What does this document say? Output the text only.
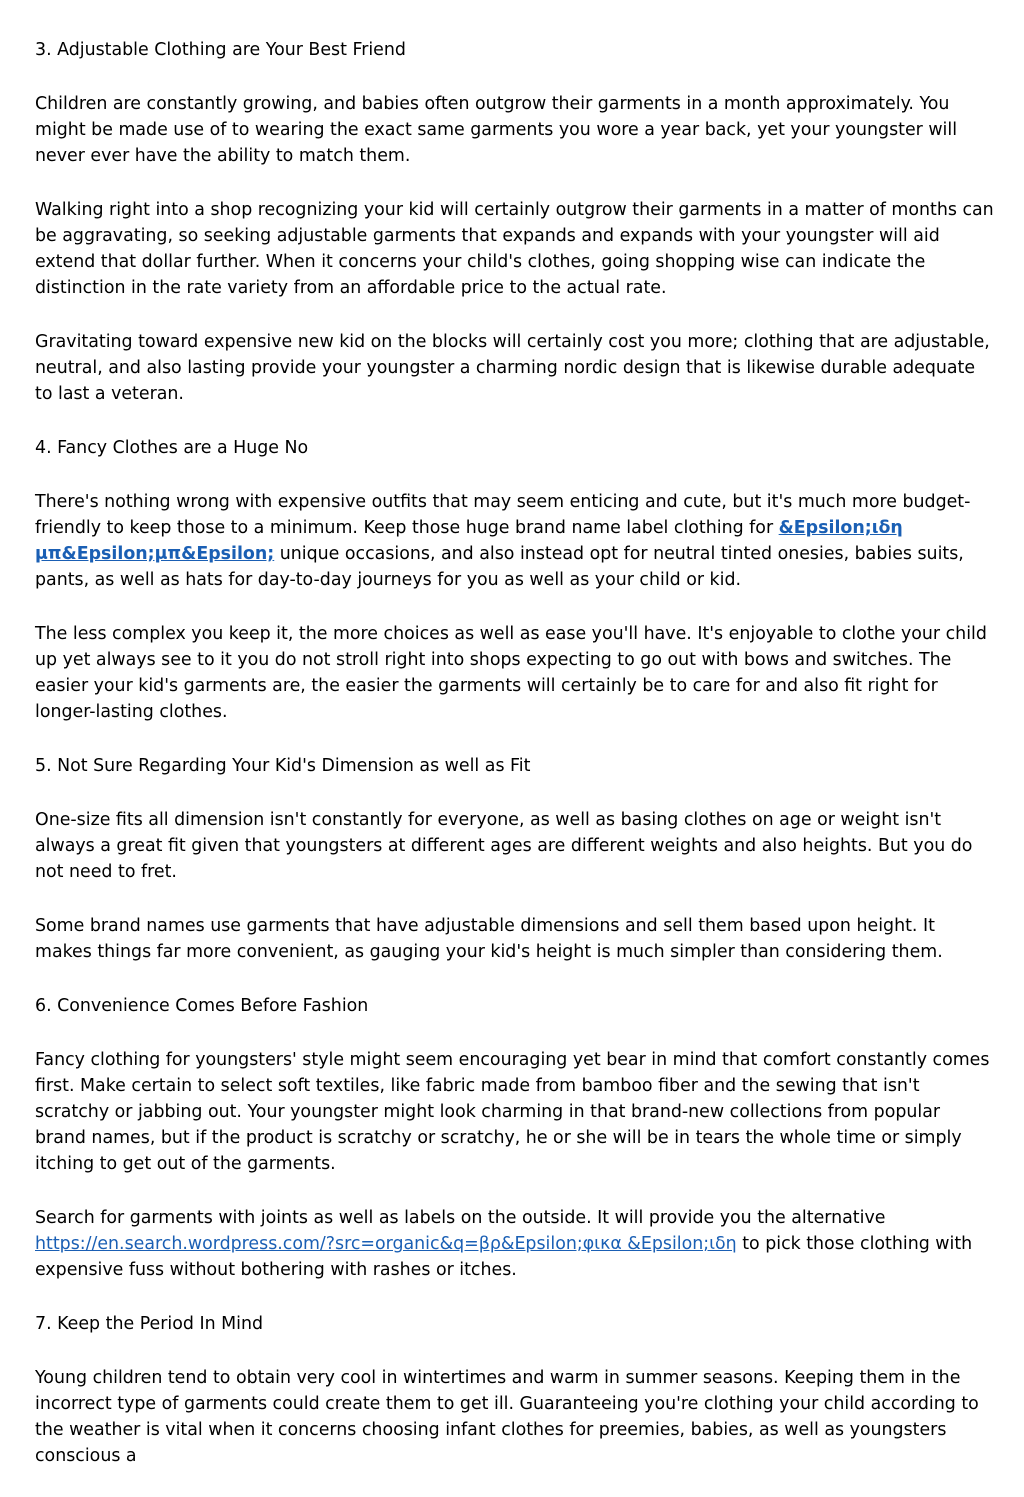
3. Adjustable Clothing are Your Best Friend

Children are constantly growing, and babies often outgrow their garments in a month approximately. You might be made use of to wearing the exact same garments you wore a year back, yet your youngster will never ever have the ability to match them.

Walking right into a shop recognizing your kid will certainly outgrow their garments in a matter of months can be aggravating, so seeking adjustable garments that expands and expands with your youngster will aid extend that dollar further. When it concerns your child's clothes, going shopping wise can indicate the distinction in the rate variety from an affordable price to the actual rate.

Gravitating toward expensive new kid on the blocks will certainly cost you more; clothing that are adjustable, neutral, and also lasting provide your youngster a charming nordic design that is likewise durable adequate to last a veteran.

4. Fancy Clothes are a Huge No

There's nothing wrong with expensive outfits that may seem enticing and cute, but it's much more budget-friendly to keep those to a minimum. Keep those huge brand name label clothing for &Epsilon;ιδη μπ&Epsilon;μπ&Epsilon; unique occasions, and also instead opt for neutral tinted onesies, babies suits, pants, as well as hats for day-to-day journeys for you as well as your child or kid.

The less complex you keep it, the more choices as well as ease you'll have. It's enjoyable to clothe your child up yet always see to it you do not stroll right into shops expecting to go out with bows and switches. The easier your kid's garments are, the easier the garments will certainly be to care for and also fit right for longer-lasting clothes.

5. Not Sure Regarding Your Kid's Dimension as well as Fit

One-size fits all dimension isn't constantly for everyone, as well as basing clothes on age or weight isn't always a great fit given that youngsters at different ages are different weights and also heights. But you do not need to fret.

Some brand names use garments that have adjustable dimensions and sell them based upon height. It makes things far more convenient, as gauging your kid's height is much simpler than considering them.

6. Convenience Comes Before Fashion

Fancy clothing for youngsters' style might seem encouraging yet bear in mind that comfort constantly comes first. Make certain to select soft textiles, like fabric made from bamboo fiber and the sewing that isn't scratchy or jabbing out. Your youngster might look charming in that brand-new collections from popular brand names, but if the product is scratchy or scratchy, he or she will be in tears the whole time or simply itching to get out of the garments.

Search for garments with joints as well as labels on the outside. It will provide you the alternative https://en.search.wordpress.com/?src=organic&q=βρ&Epsilon;φικα &Epsilon;ιδη to pick those clothing with expensive fuss without bothering with rashes or itches.

7. Keep the Period In Mind

Young children tend to obtain very cool in wintertimes and warm in summer seasons. Keeping them in the incorrect type of garments could create them to get ill. Guaranteeing you're clothing your child according to the weather is vital when it concerns choosing infant clothes for preemies, babies, as well as youngsters conscious a
